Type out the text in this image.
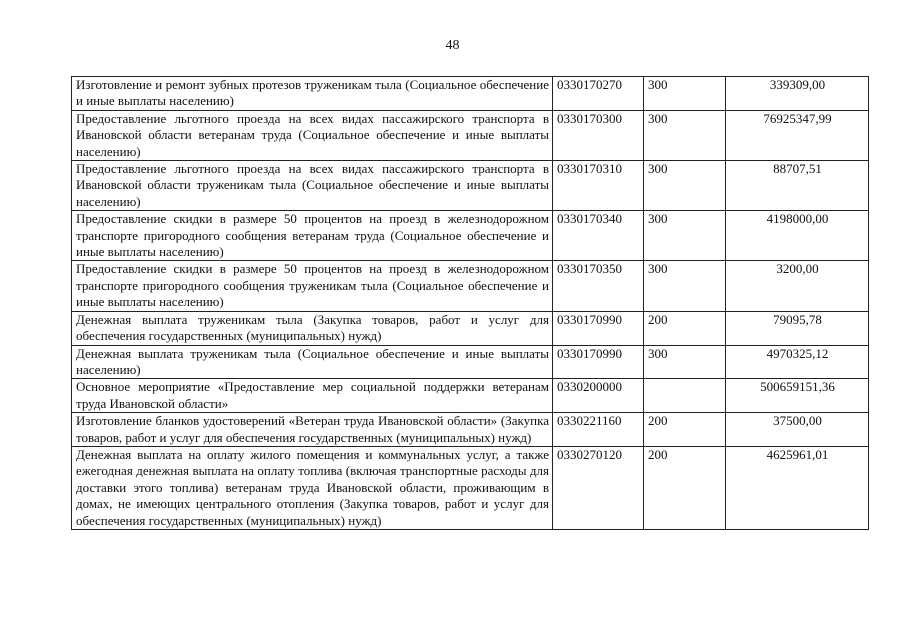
48
Изготовление и ремонт зубных протезов труженикам тыла (Социальное обеспечение и иные выплаты населению)	0330170270	300	339309,00
Предоставление льготного проезда на всех видах пассажирского транспорта в Ивановской области ветеранам труда (Социальное обеспечение и иные выплаты населению)	0330170300	300	76925347,99
Предоставление льготного проезда на всех видах пассажирского транспорта в Ивановской области труженикам тыла (Социальное обеспечение и иные выплаты населению)	0330170310	300	88707,51
Предоставление скидки в размере 50 процентов на проезд в железнодорожном транспорте пригородного сообщения ветеранам труда (Социальное обеспечение и иные выплаты населению)	0330170340	300	4198000,00
Предоставление скидки в размере 50 процентов на проезд в железнодорожном транспорте пригородного сообщения труженикам тыла (Социальное обеспечение и иные выплаты населению)	0330170350	300	3200,00
Денежная выплата труженикам тыла (Закупка товаров, работ и услуг для обеспечения государственных (муниципальных) нужд)	0330170990	200	79095,78
Денежная выплата труженикам тыла (Социальное обеспечение и иные выплаты населению)	0330170990	300	4970325,12
Основное мероприятие «Предоставление мер социальной поддержки ветеранам труда Ивановской области»	0330200000		500659151,36
Изготовление бланков удостоверений «Ветеран труда Ивановской области» (Закупка товаров, работ и услуг для обеспечения государственных (муниципальных) нужд)	0330221160	200	37500,00
Денежная выплата на оплату жилого помещения и коммунальных услуг, а также ежегодная денежная выплата на оплату топлива (включая транспортные расходы для доставки этого топлива) ветеранам труда Ивановской области, проживающим в домах, не имеющих центрального отопления (Закупка товаров, работ и услуг для обеспечения государственных (муниципальных) нужд)	0330270120	200	4625961,01
